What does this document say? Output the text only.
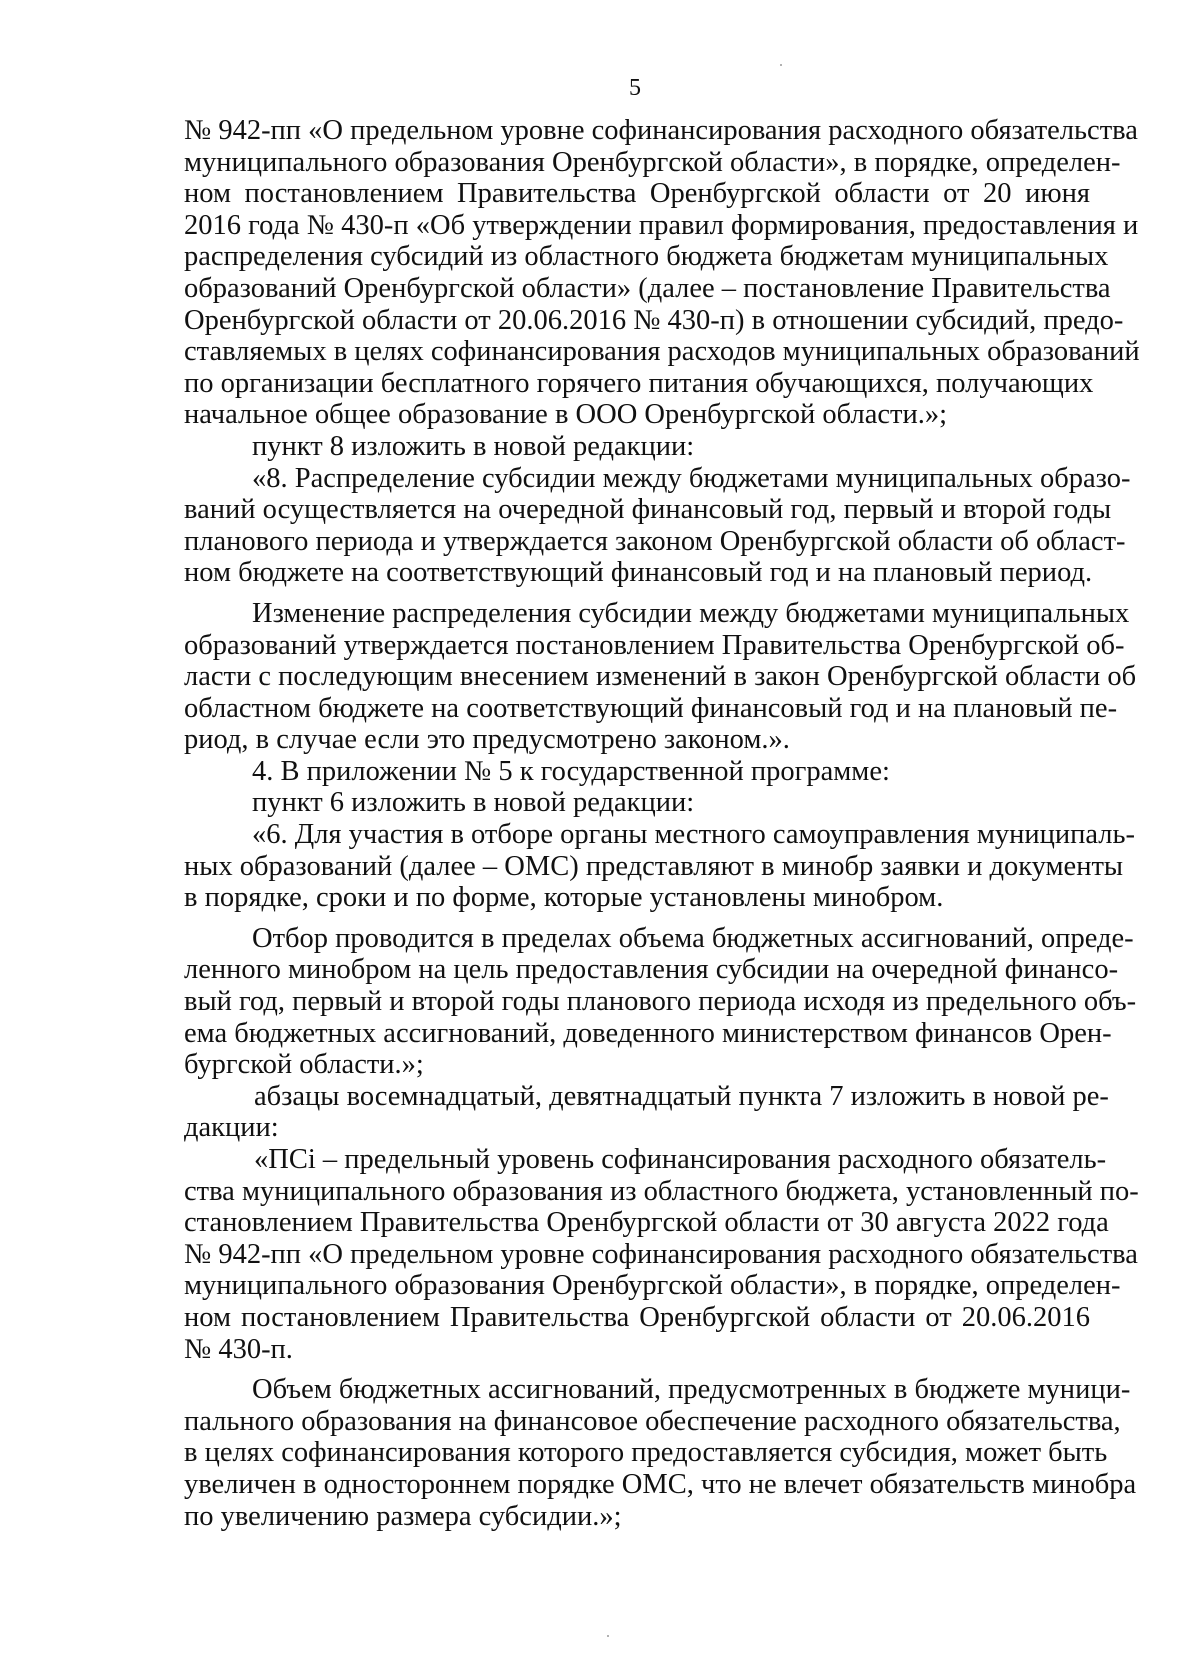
5
№ 942-пп «О предельном уровне софинансирования расходного обязательства
муниципального образования Оренбургской области», в порядке, определен-
ном постановлением Правительства Оренбургской области от 20 июня
2016 года № 430-п «Об утверждении правил формирования, предоставления и
распределения субсидий из областного бюджета бюджетам муниципальных
образований Оренбургской области» (далее – постановление Правительства
Оренбургской области от 20.06.2016 № 430-п) в отношении субсидий, предо-
ставляемых в целях софинансирования расходов муниципальных образований
по организации бесплатного горячего питания обучающихся, получающих
начальное общее образование в ООО Оренбургской области.»;
пункт 8 изложить в новой редакции:
«8. Распределение субсидии между бюджетами муниципальных образо-
ваний осуществляется на очередной финансовый год, первый и второй годы
планового периода и утверждается законом Оренбургской области об област-
ном бюджете на соответствующий финансовый год и на плановый период.
Изменение распределения субсидии между бюджетами муниципальных
образований утверждается постановлением Правительства Оренбургской об-
ласти с последующим внесением изменений в закон Оренбургской области об
областном бюджете на соответствующий финансовый год и на плановый пе-
риод, в случае если это предусмотрено законом.».
4. В приложении № 5 к государственной программе:
пункт 6 изложить в новой редакции:
«6. Для участия в отборе органы местного самоуправления муниципаль-
ных образований (далее – ОМС) представляют в минобр заявки и документы
в порядке, сроки и по форме, которые установлены минобром.
Отбор проводится в пределах объема бюджетных ассигнований, опреде-
ленного минобром на цель предоставления субсидии на очередной финансо-
вый год, первый и второй годы планового периода исходя из предельного объ-
ема бюджетных ассигнований, доведенного министерством финансов Орен-
бургской области.»;
абзацы восемнадцатый, девятнадцатый пункта 7 изложить в новой ре-
дакции:
«ПСi – предельный уровень софинансирования расходного обязатель-
ства муниципального образования из областного бюджета, установленный по-
становлением Правительства Оренбургской области от 30 августа 2022 года
№ 942-пп «О предельном уровне софинансирования расходного обязательства
муниципального образования Оренбургской области», в порядке, определен-
ном постановлением Правительства Оренбургской области от 20.06.2016
№ 430-п.
Объем бюджетных ассигнований, предусмотренных в бюджете муници-
пального образования на финансовое обеспечение расходного обязательства,
в целях софинансирования которого предоставляется субсидия, может быть
увеличен в одностороннем порядке ОМС, что не влечет обязательств минобра
по увеличению размера субсидии.»;
